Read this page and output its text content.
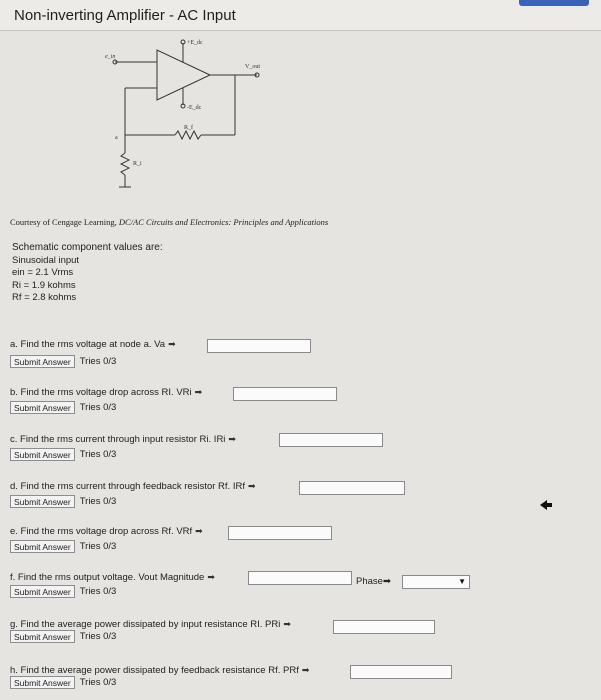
Non-inverting Amplifier - AC Input
e_in
+E_dc
-E_dc
V_out
R_f
R_i
a
Courtesy of Cengage Learning, DC/AC Circuits and Electronics: Principles and Applications
Schematic component values are:
Sinusoidal input
ein = 2.1 Vrms
Ri = 1.9 kohms
Rf = 2.8 kohms
a. Find the rms voltage at node a. Va ➡
Submit Answer Tries 0/3
b. Find the rms voltage drop across RI. VRi ➡
Submit Answer Tries 0/3
c. Find the rms current through input resistor Ri. IRi ➡
Submit Answer Tries 0/3
d. Find the rms current through feedback resistor Rf. IRf ➡
Submit Answer Tries 0/3
e. Find the rms voltage drop across Rf. VRf ➡
Submit Answer Tries 0/3
f. Find the rms output voltage. Vout Magnitude ➡	Phase➡	▼
Submit Answer Tries 0/3
g. Find the average power dissipated by input resistance RI. PRi ➡
Submit Answer Tries 0/3
h. Find the average power dissipated by feedback resistance Rf. PRf ➡
Submit Answer Tries 0/3
